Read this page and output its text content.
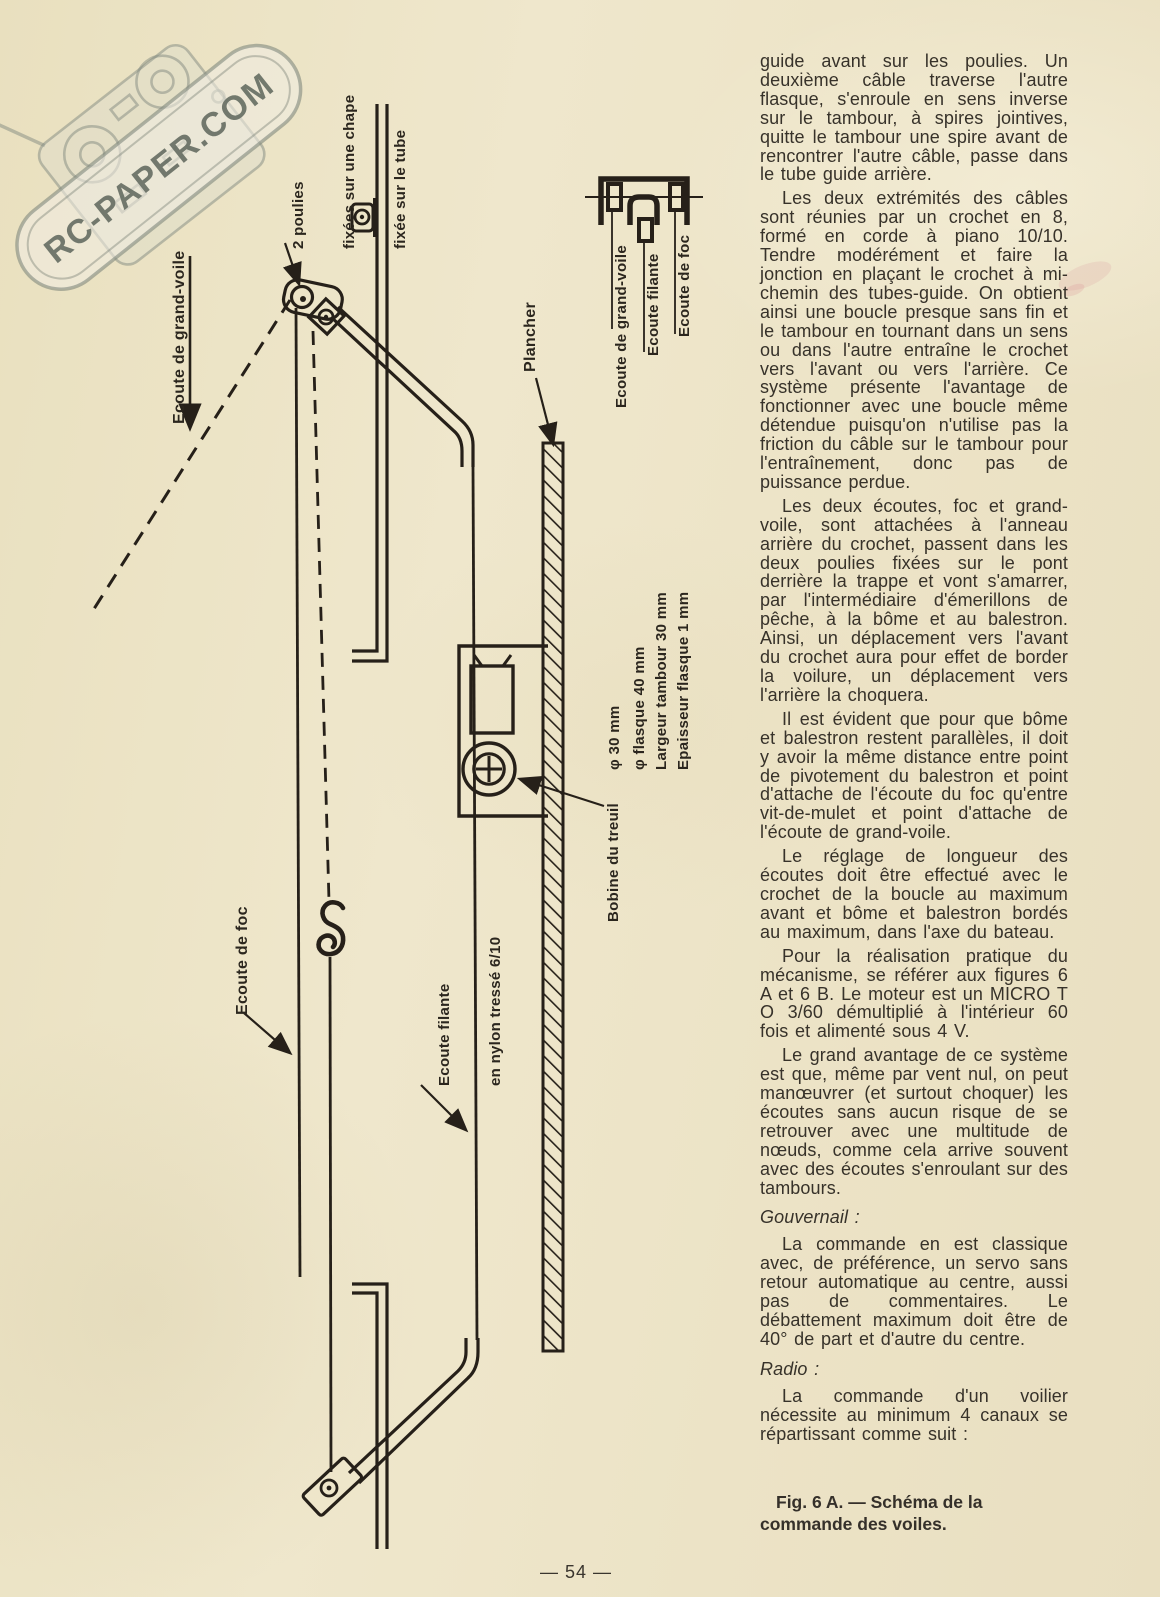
RC-PAPER.COM

2 poulies

fixées sur une chape

fixée sur le tube

Ecoute de grand-voile	Plancher	Ecoute de grand-voile Ecoute filante Ecoute de foc
φ 30 mm φ flasque 40 mm Largeur tambour 30 mm Epaisseur flasque 1 mm
Bobine du treuil
Ecoute de foc

Ecoute filante

en nylon tressé 6/10

guide avant sur les poulies. Un deuxième câble traverse l'autre flasque, s'enroule en sens inverse sur le tambour, à spires jointives, quitte le tambour une spire avant de rencontrer l'autre câble, passe dans le tube guide arrière.

Les deux extrémités des câbles sont réunies par un crochet en 8, formé en corde à piano 10/10. Tendre modérément et faire la jonction en plaçant le crochet à mi-chemin des tubes-guide. On obtient ainsi une boucle presque sans fin et le tambour en tournant dans un sens ou dans l'autre entraîne le crochet vers l'avant ou vers l'arrière. Ce système présente l'avantage de fonctionner avec une boucle même détendue puisqu'on n'utilise pas la friction du câble sur le tambour pour l'entraînement, donc pas de puissance perdue.

Les deux écoutes, foc et grand-voile, sont attachées à l'anneau arrière du crochet, passent dans les deux poulies fixées sur le pont derrière la trappe et vont s'amarrer, par l'intermédiaire d'émerillons de pêche, à la bôme et au balestron. Ainsi, un déplacement vers l'avant du crochet aura pour effet de border la voilure, un déplacement vers l'arrière la choquera.

Il est évident que pour que bôme et balestron restent parallèles, il doit y avoir la même distance entre point de pivotement du balestron et point d'attache de l'écoute du foc qu'entre vit-de-mulet et point d'attache de l'écoute de grand-voile.

Le réglage de longueur des écoutes doit être effectué avec le crochet de la boucle au maximum avant et bôme et balestron bordés au maximum, dans l'axe du bateau.

Pour la réalisation pratique du mécanisme, se référer aux figures 6 A et 6 B. Le moteur est un MICRO T O 3/60 démultiplié à l'intérieur 60 fois et alimenté sous 4 V.

Le grand avantage de ce système est que, même par vent nul, on peut manœuvrer (et surtout choquer) les écoutes sans aucun risque de se retrouver avec une multitude de nœuds, comme cela arrive souvent avec des écoutes s'enroulant sur des tambours.

Gouvernail :

La commande en est classique avec, de préférence, un servo sans retour automatique au centre, aussi pas de commentaires. Le débattement maximum doit être de 40° de part et d'autre du centre.

Radio :

La commande d'un voilier nécessite au minimum 4 canaux se répartissant comme suit :

Fig. 6 A. — Schéma de la commande des voiles.
— 54 —
